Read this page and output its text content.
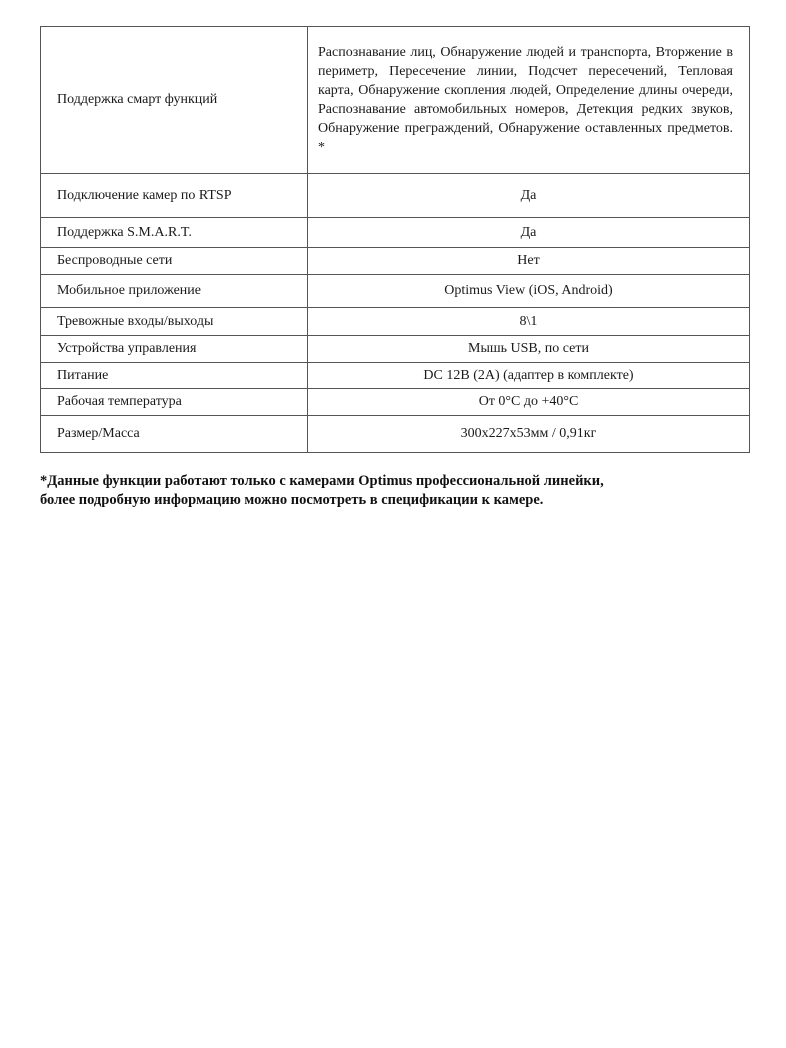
Поддержка смарт функций	Распознавание лиц, Обнаружение людей и транспорта, Вторжение в периметр, Пересечение линии, Подсчет пересечений, Тепловая карта, Обнаружение скопления людей, Определение длины очереди, Распознавание автомобильных номеров, Детекция редких звуков, Обнаружение преграждений, Обнаружение оставленных предметов. *
Подключение камер по RTSP	Да
Поддержка S.M.A.R.T.	Да
Беспроводные сети	Нет
Мобильное приложение	Optimus View (iOS, Android)
Тревожные входы/выходы	8\1
Устройства управления	Мышь USB, по сети
Питание	DC 12В (2А) (адаптер в комплекте)
Рабочая температура	От 0°C до +40°C
Размер/Масса	300x227x53мм / 0,91кг

*Данные функции работают только с камерами Optimus профессиональной линейки,
более подробную информацию можно посмотреть в спецификации к камере.
